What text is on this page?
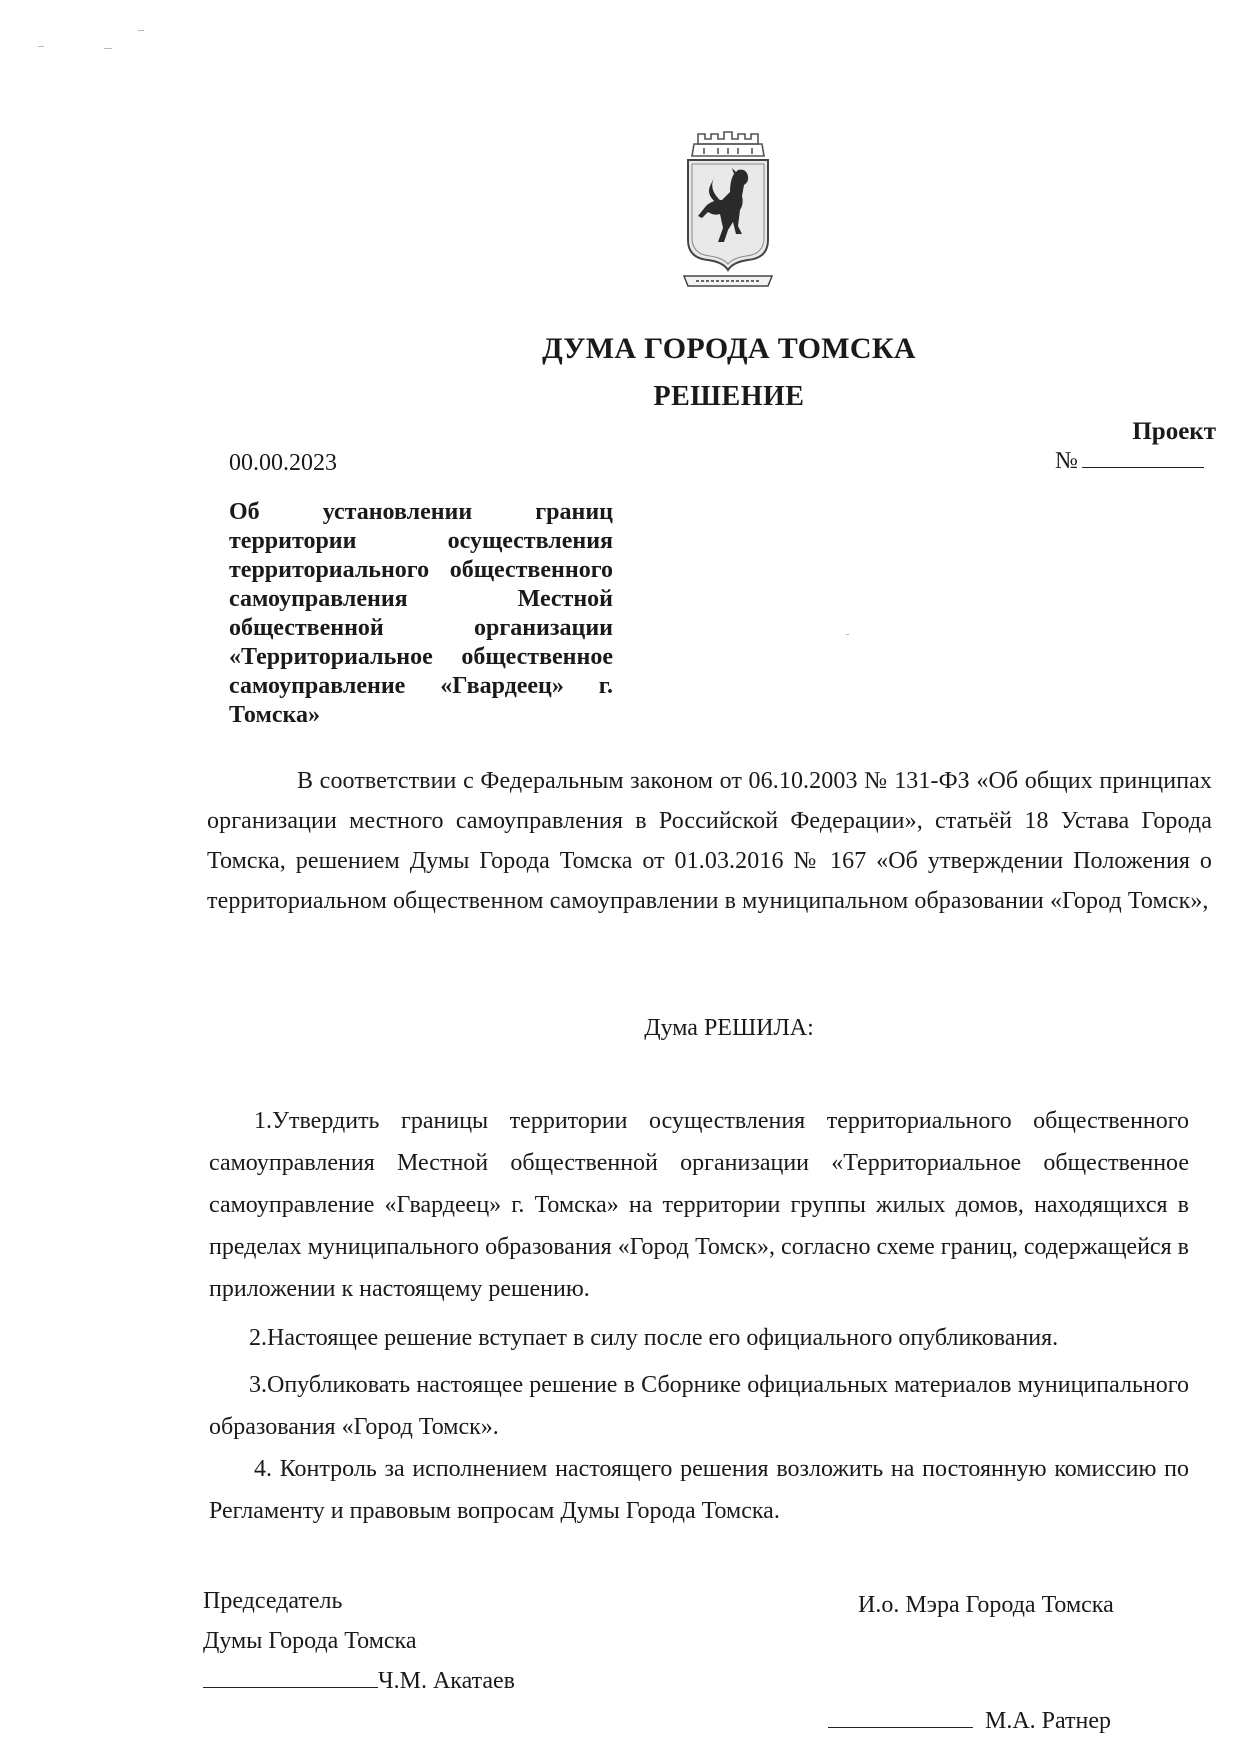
ДУМА ГОРОДА ТОМСКА
РЕШЕНИЕ
Проект
№
00.00.2023
Об установлении границ территории осуществления территориального общественного самоуправления Местной общественной организации «Территориальное общественное самоуправление «Гвардеец» г. Томска»

В соответствии с Федеральным законом от 06.10.2003 № 131-ФЗ «Об общих принципах организации местного самоуправления в Российской Федерации», статьёй 18 Устава Города Томска, решением Думы Города Томска от 01.03.2016 № 167 «Об утверждении Положения о территориальном общественном самоуправлении в муниципальном образовании «Город Томск»,

Дума РЕШИЛА:

1.Утвердить границы территории осуществления территориального общественного самоуправления Местной общественной организации «Территориальное общественное самоуправление «Гвардеец» г. Томска» на территории группы жилых домов, находящихся в пределах муниципального образования «Город Томск», согласно схеме границ, содержащейся в приложении к настоящему решению.

2.Настоящее решение вступает в силу после его официального опубликования.

3.Опубликовать настоящее решение в Сборнике официальных материалов муниципального образования «Город Томск».

4. Контроль за исполнением настоящего решения возложить на постоянную комиссию по Регламенту и правовым вопросам Думы Города Томска.

Председатель
Думы Города Томска
Ч.М. Акатаев
И.о. Мэра Города Томска
М.А. Ратнер
